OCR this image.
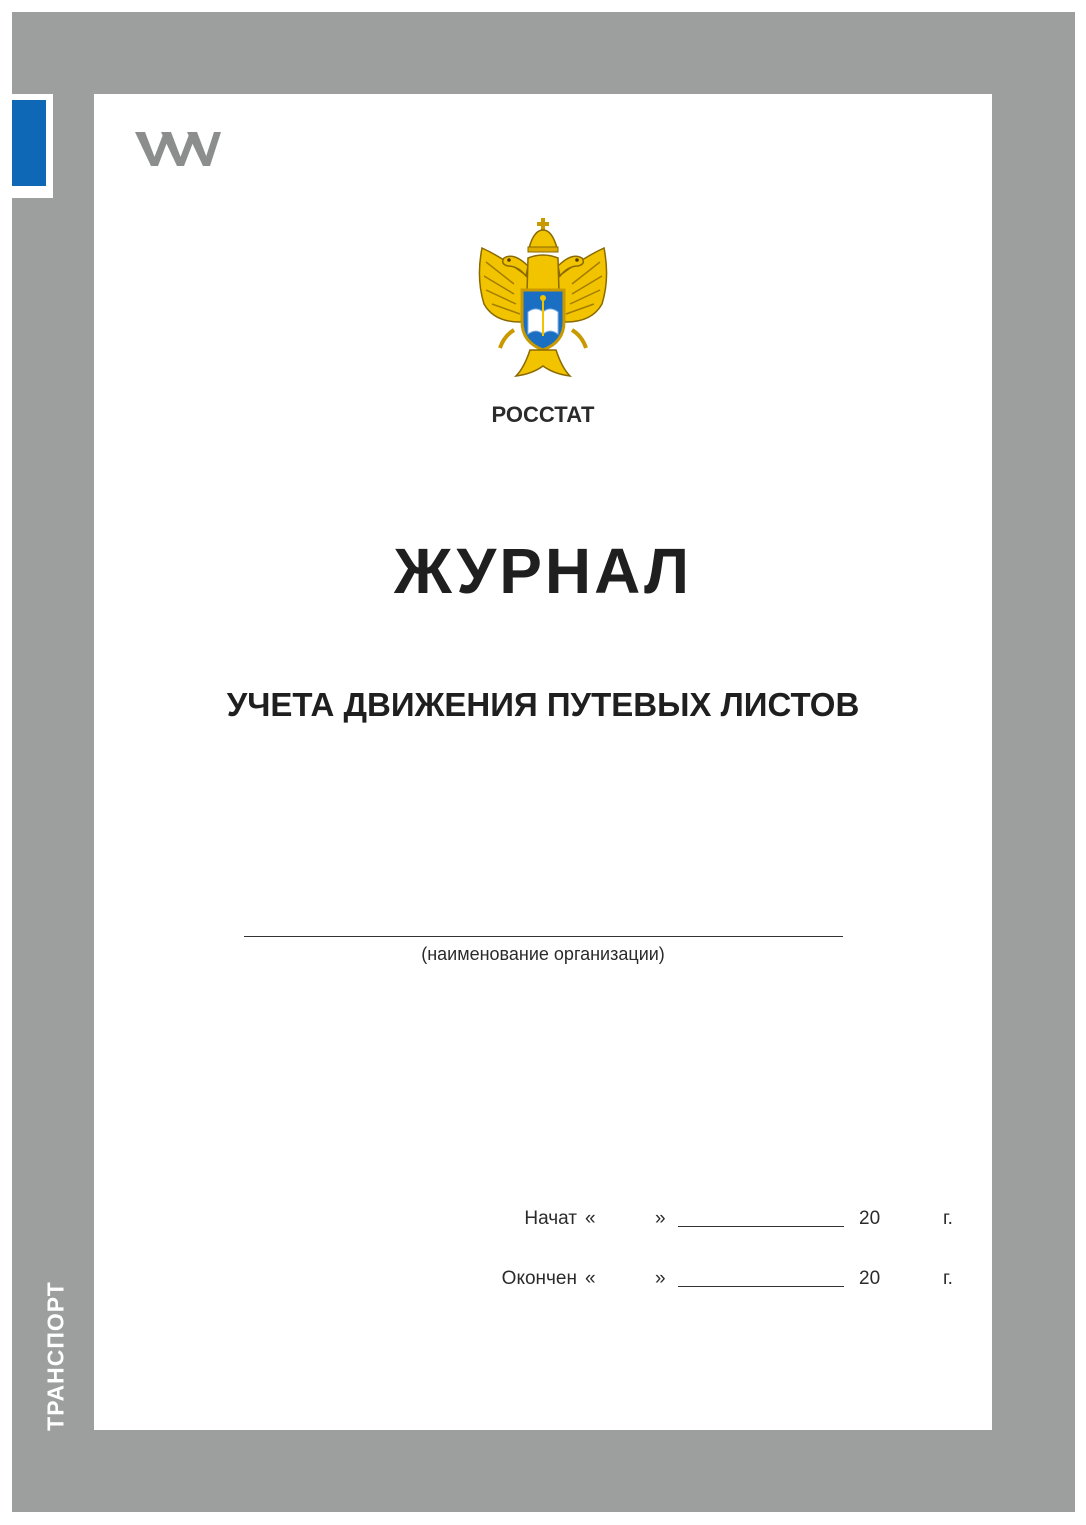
ТРАНСПОРТ
РОССТАТ
ЖУРНАЛ
УЧЕТА ДВИЖЕНИЯ ПУТЕВЫХ ЛИСТОВ
(наименование организации)
Начат «	»	20	г.
Окончен «	»	20	г.
